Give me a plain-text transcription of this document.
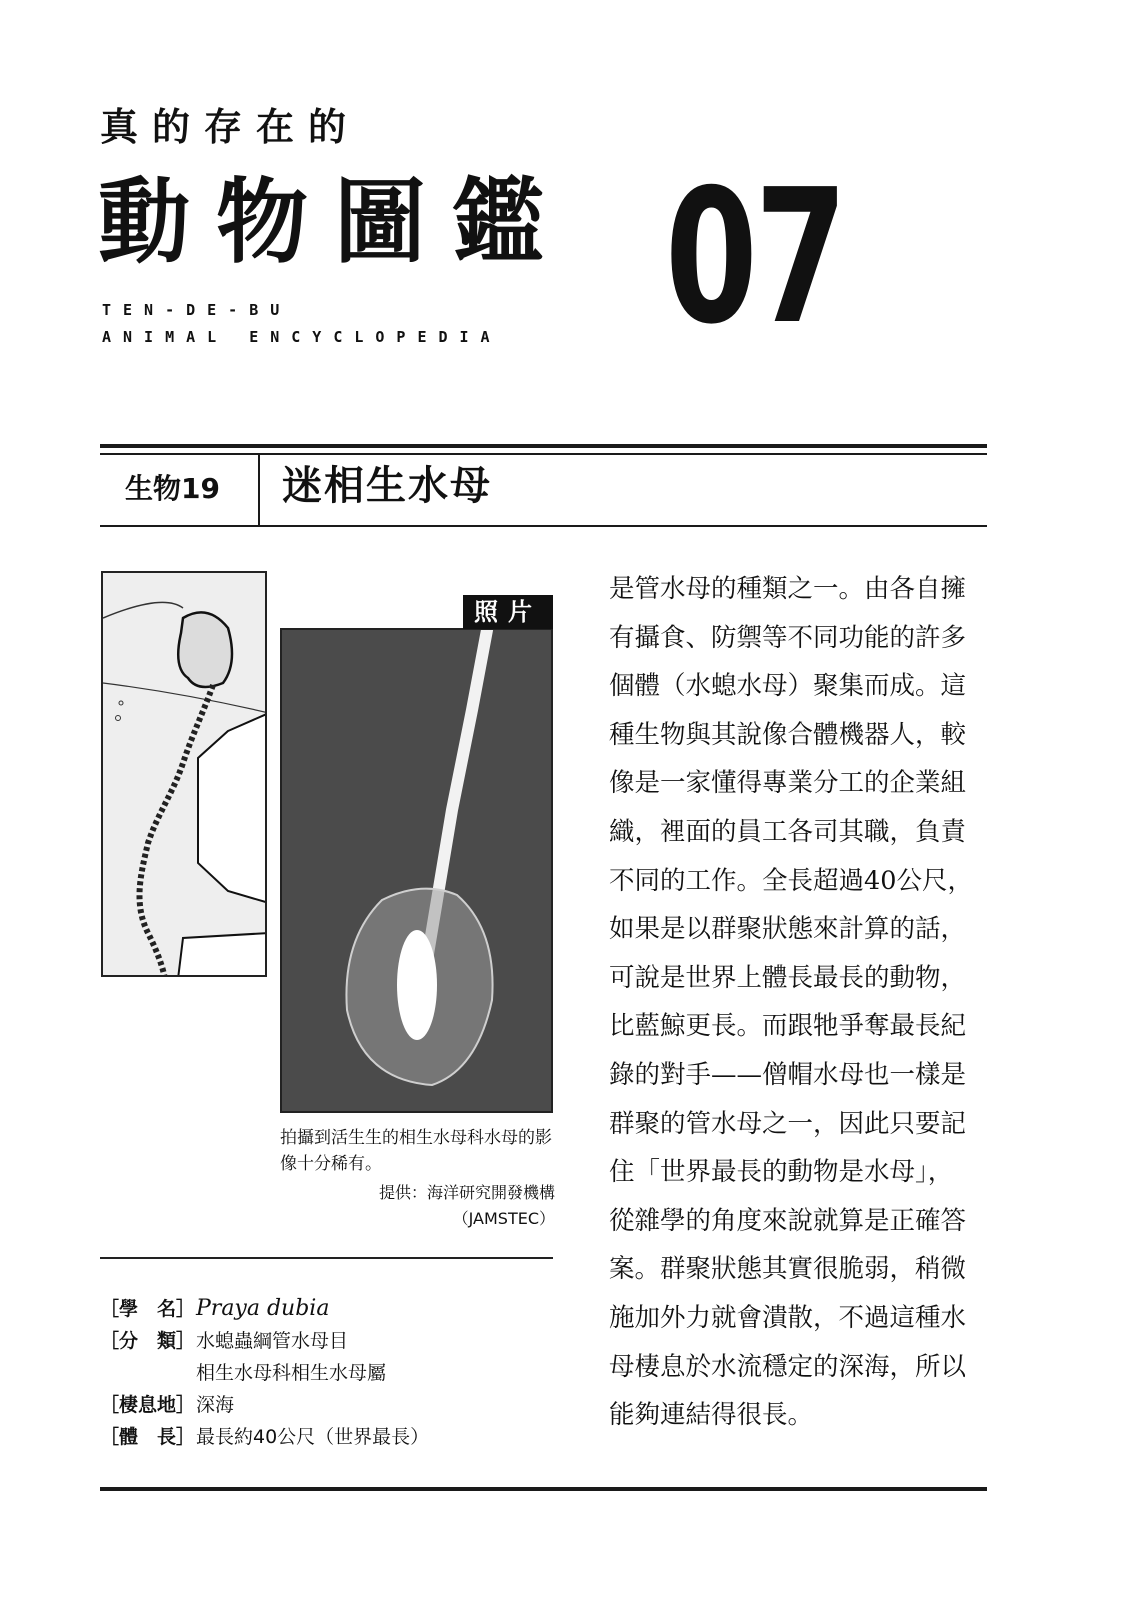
真的存在的
動物圖鑑
TEN-DE-BU
ANIMAL ENCYCLOPEDIA 07
生物19 迷相生水母
照片
拍攝到活生生的相生水母科水母的影像十分稀有。
提供：海洋研究開發機構
（JAMSTEC）
［學　名］ Praya dubia
［分　類］ 水螅蟲綱管水母目
相生水母科相生水母屬
［棲息地］ 深海
［體　長］ 最長約40公尺（世界最長）
是管水母的種類之一。由各自擁
有攝食、防禦等不同功能的許多
個體（水螅水母）聚集而成。這
種生物與其說像合體機器人，較
像是一家懂得專業分工的企業組
織，裡面的員工各司其職，負責
不同的工作。全長超過40公尺，
如果是以群聚狀態來計算的話，
可說是世界上體長最長的動物，
比藍鯨更長。而跟牠爭奪最長紀
錄的對手——僧帽水母也一樣是
群聚的管水母之一，因此只要記
住「世界最長的動物是水母」，
從雜學的角度來說就算是正確答
案。群聚狀態其實很脆弱，稍微
施加外力就會潰散，不過這種水
母棲息於水流穩定的深海，所以
能夠連結得很長。
